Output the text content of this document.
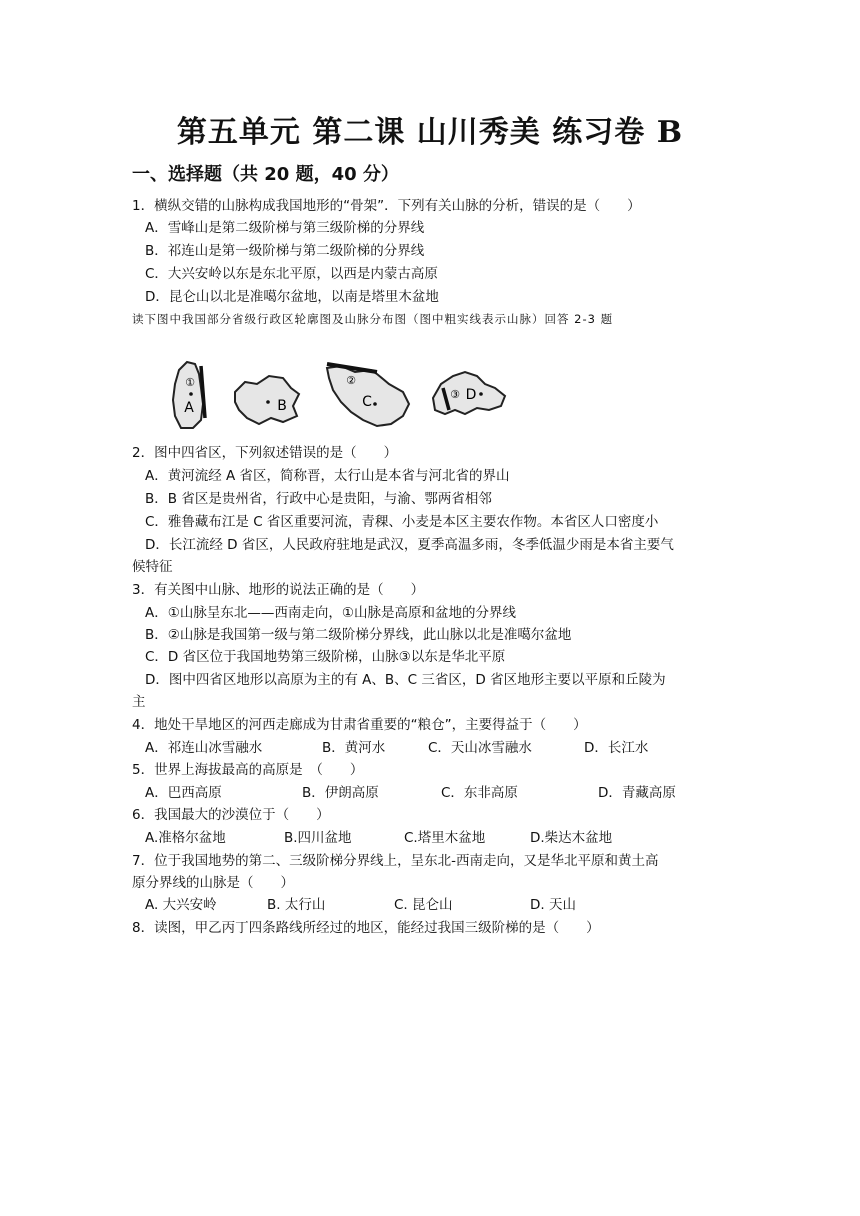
第五单元 第二课 山川秀美 练习卷 B
一、选择题（共 20 题，40 分）
1．横纵交错的山脉构成我国地形的“骨架”．下列有关山脉的分析，错误的是（　　）
A．雪峰山是第二级阶梯与第三级阶梯的分界线
B．祁连山是第一级阶梯与第二级阶梯的分界线
C．大兴安岭以东是东北平原，以西是内蒙古高原
D．昆仑山以北是准噶尔盆地，以南是塔里木盆地
读下图中我国部分省级行政区轮廓图及山脉分布图（图中粗实线表示山脉）回答 2-3 题
①
A	B
②
C	③ D
2．图中四省区，下列叙述错误的是（　　）
A．黄河流经 A 省区，简称晋，太行山是本省与河北省的界山
B．B 省区是贵州省，行政中心是贵阳，与渝、鄂两省相邻
C．雅鲁藏布江是 C 省区重要河流，青稞、小麦是本区主要农作物。本省区人口密度小
D．长江流经 D 省区，人民政府驻地是武汉，夏季高温多雨，冬季低温少雨是本省主要气
候特征
3．有关图中山脉、地形的说法正确的是（　　）
A．①山脉呈东北——西南走向，①山脉是高原和盆地的分界线
B．②山脉是我国第一级与第二级阶梯分界线，此山脉以北是准噶尔盆地
C．D 省区位于我国地势第三级阶梯，山脉③以东是华北平原
D．图中四省区地形以高原为主的有 A、B、C 三省区，D 省区地形主要以平原和丘陵为
主
4．地处干旱地区的河西走廊成为甘肃省重要的“粮仓”，主要得益于（　　）
A．祁连山冰雪融水	B．黄河水	C．天山冰雪融水	D．长江水
5．世界上海拔最高的高原是　（　　）
A．巴西高原	B．伊朗高原	C．东非高原	D．青藏高原
6．我国最大的沙漠位于（　　）
A.准格尔盆地	B.四川盆地	C.塔里木盆地	D.柴达木盆地
7．位于我国地势的第二、三级阶梯分界线上，呈东北-西南走向，又是华北平原和黄土高
原分界线的山脉是（　　）
A. 大兴安岭	B. 太行山	C. 昆仑山	D. 天山
8．读图，甲乙丙丁四条路线所经过的地区，能经过我国三级阶梯的是（　　）
